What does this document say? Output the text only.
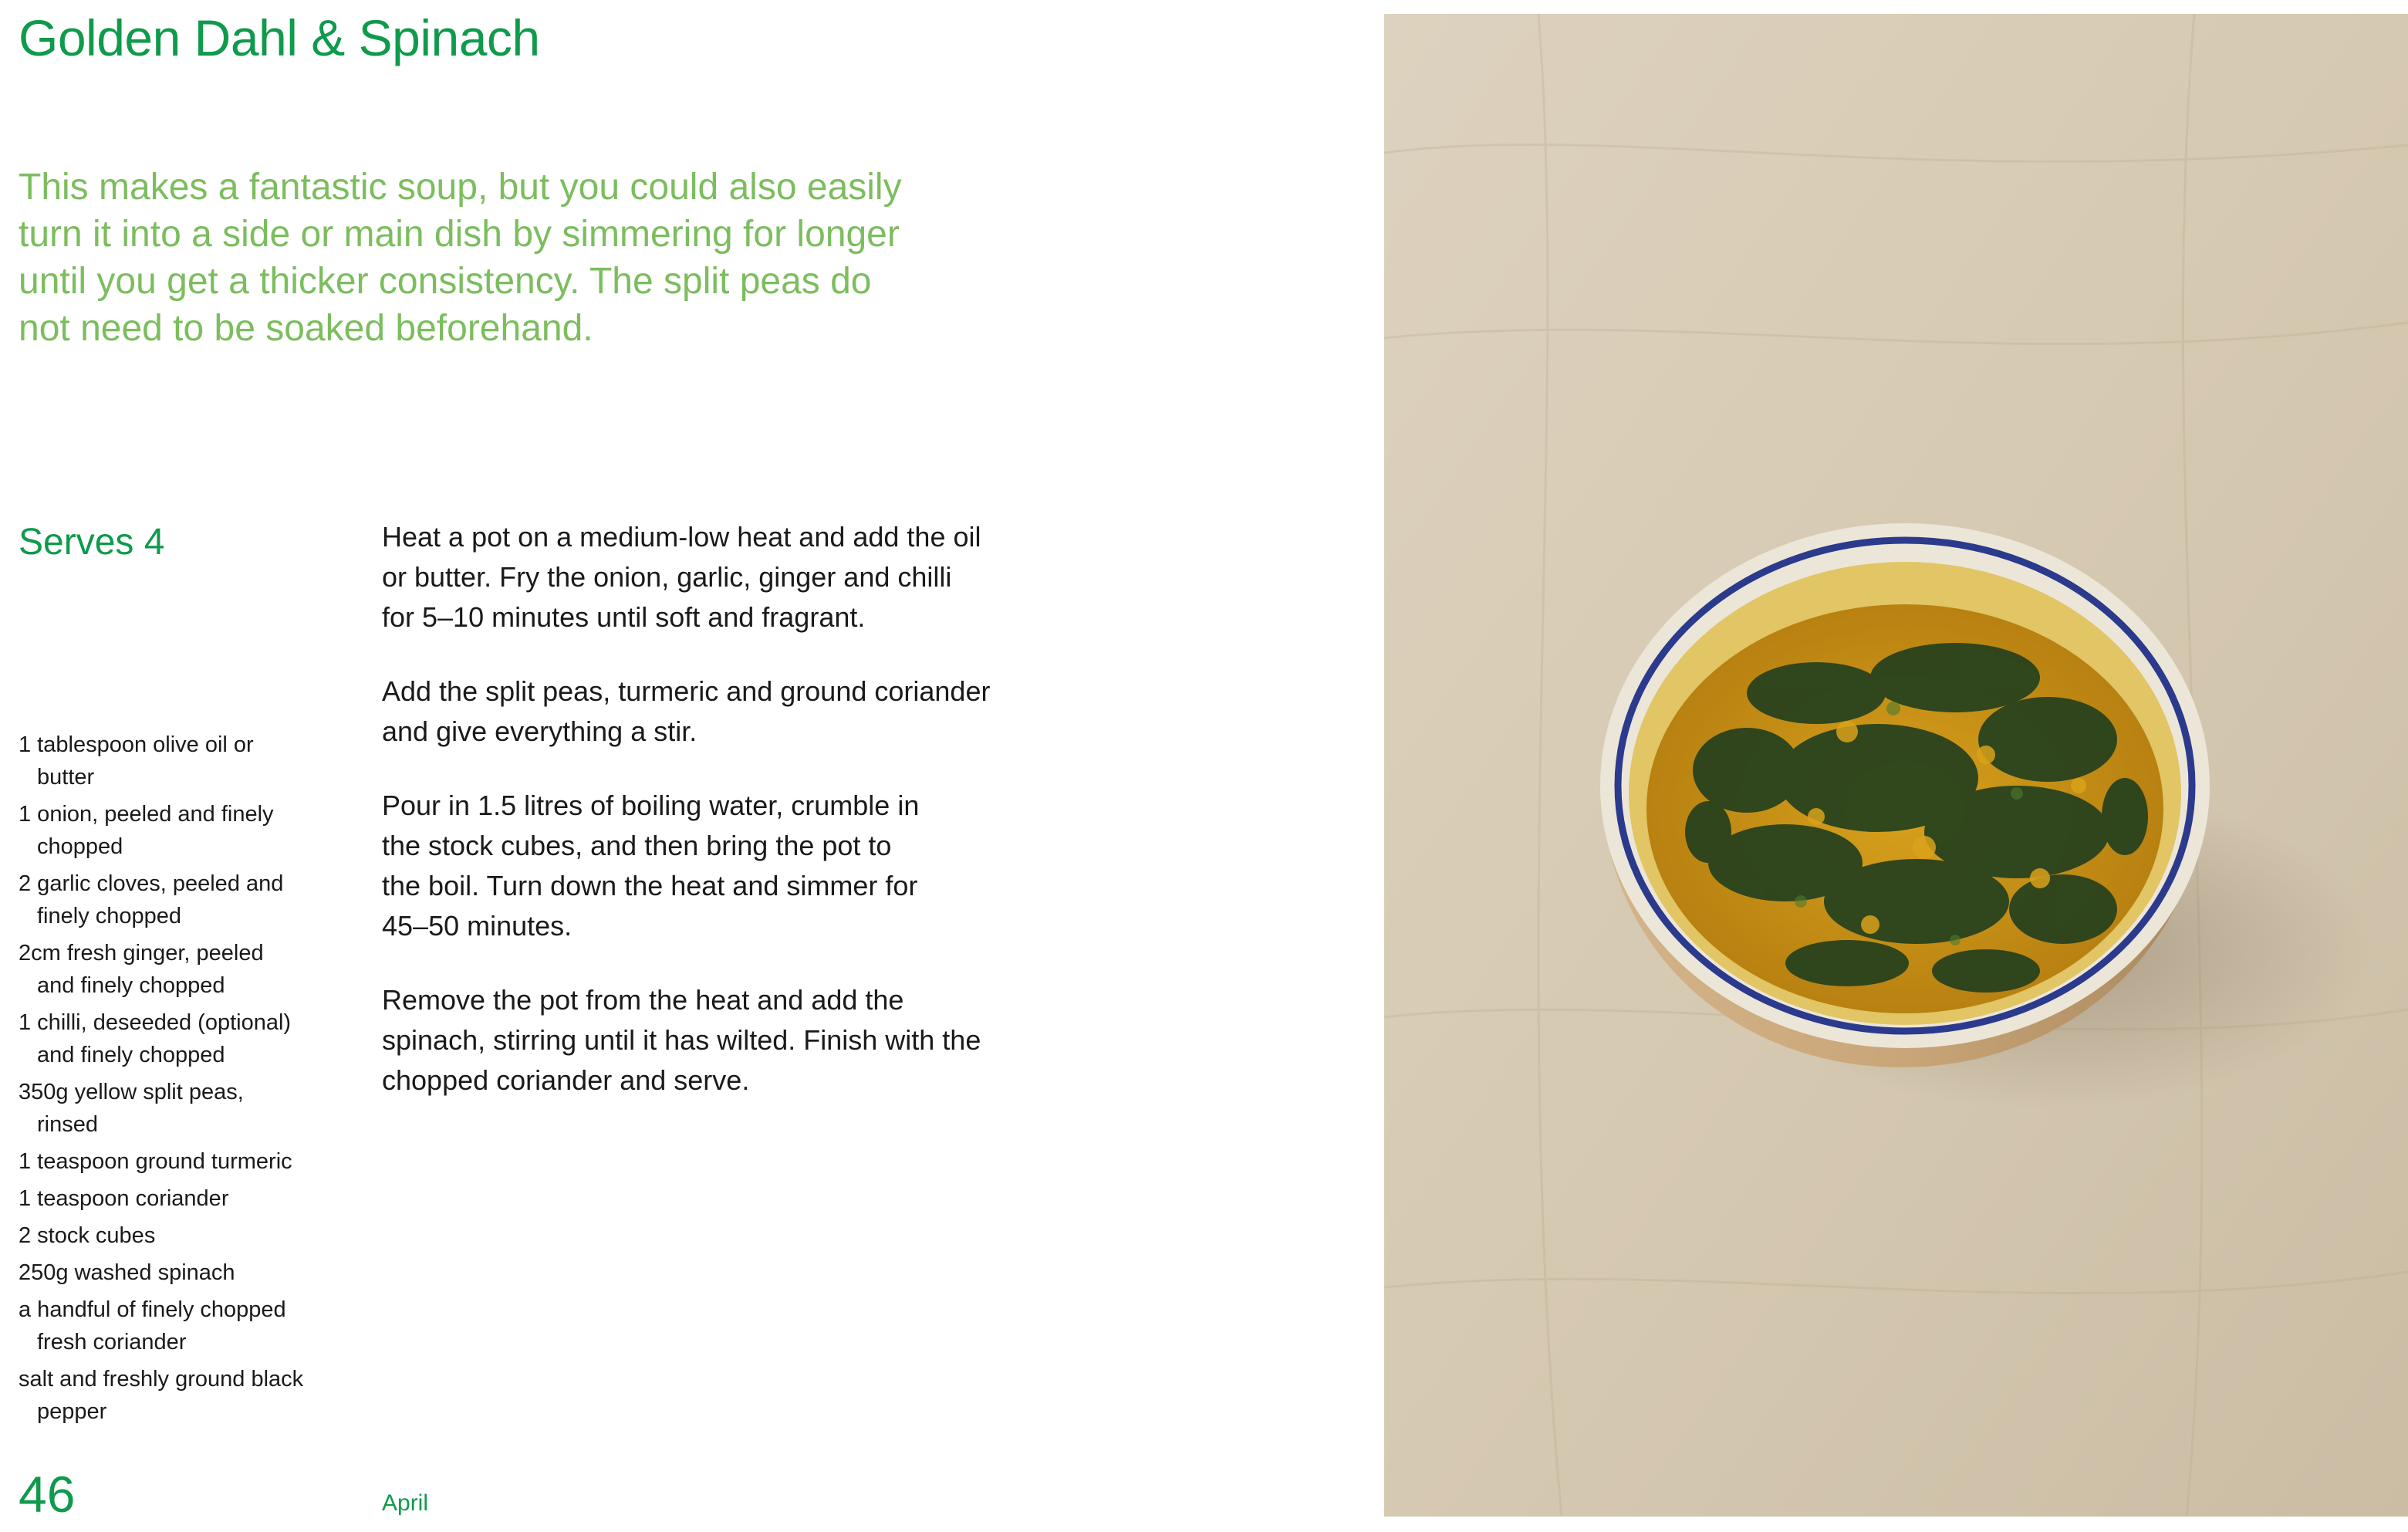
Golden Dahl & Spinach
This makes a fantastic soup, but you could also easily
turn it into a side or main dish by simmering for longer
until you get a thicker consistency. The split peas do
not need to be soaked beforehand.
Serves 4
1 tablespoon olive oil or
butter
1 onion, peeled and finely
chopped
2 garlic cloves, peeled and
finely chopped
2cm fresh ginger, peeled
and finely chopped
1 chilli, deseeded (optional)
and finely chopped
350g yellow split peas,
rinsed
1 teaspoon ground turmeric
1 teaspoon coriander
2 stock cubes
250g washed spinach
a handful of finely chopped
fresh coriander
salt and freshly ground black
pepper

Heat a pot on a medium-low heat and add the oil
or butter. Fry the onion, garlic, ginger and chilli
for 5–10 minutes until soft and fragrant.

Add the split peas, turmeric and ground coriander
and give everything a stir.

Pour in 1.5 litres of boiling water, crumble in
the stock cubes, and then bring the pot to
the boil. Turn down the heat and simmer for
45–50 minutes.

Remove the pot from the heat and add the
spinach, stirring until it has wilted. Finish with the
chopped coriander and serve.

46	April
